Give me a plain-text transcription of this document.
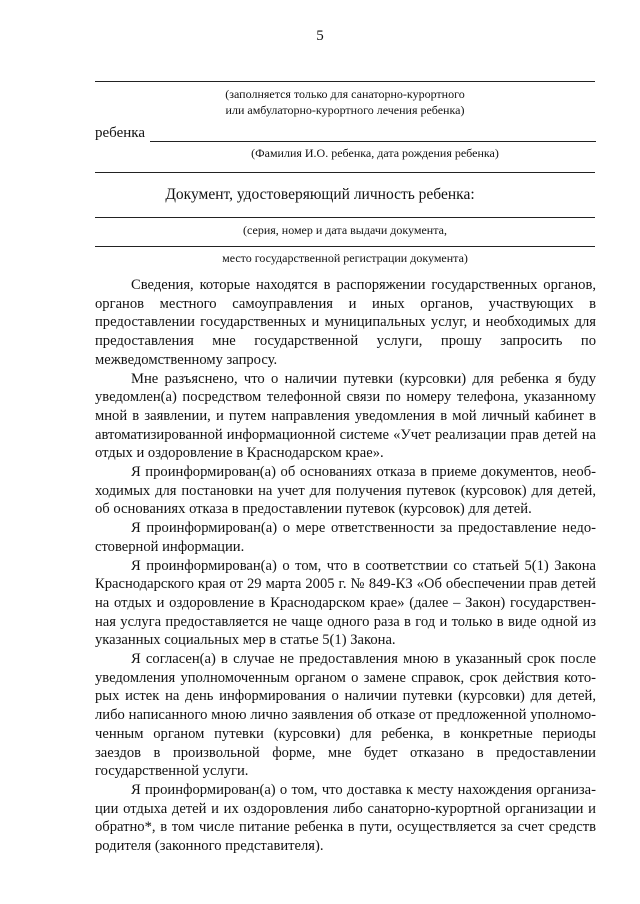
5
(заполняется только для санаторно-курортного
или амбулаторно-курортного лечения ребенка)
ребенка
(Фамилия И.О. ребенка, дата рождения ребенка)
Документ, удостоверяющий личность ребенка:
(серия, номер и дата выдачи документа,
место государственной регистрации документа)

Сведения, которые находятся в распоряжении государственных органов, органов местного самоуправления и иных органов, участвующих в предоставлении государственных и муниципальных услуг, и необходимых для предоставления мне государственной услуги, прошу запросить по межведомственному запросу.

Мне разъяснено, что о наличии путевки (курсовки) для ребенка я буду уведомлен(а) посредством телефонной связи по номеру телефона, указанному мной в заявлении, и путем направления уведомления в мой личный кабинет в автоматизированной информационной системе «Учет реализации прав детей на отдых и оздоровление в Краснодарском крае».

Я проинформирован(а) об основаниях отказа в приеме документов, необходимых для постановки на учет для получения путевок (курсовок) для детей, об основаниях отказа в предоставлении путевок (курсовок) для детей.

Я проинформирован(а) о мере ответственности за предоставление недостоверной информации.

Я проинформирован(а) о том, что в соответствии со статьей 5(1) Закона Краснодарского края от 29 марта 2005 г. № 849-КЗ «Об обеспечении прав детей на отдых и оздоровление в Краснодарском крае» (далее – Закон) государственная услуга предоставляется не чаще одного раза в год и только в виде одной из указанных социальных мер в статье 5(1) Закона.

Я согласен(а) в случае не предоставления мною в указанный срок после уведомления уполномоченным органом о замене справок, срок действия которых истек на день информирования о наличии путевки (курсовки) для детей, либо написанного мною лично заявления об отказе от предложенной уполномоченным органом путевки (курсовки) для ребенка, в конкретные периоды заездов в произвольной форме, мне будет отказано в предоставлении государственной услуги.

Я проинформирован(а) о том, что доставка к месту нахождения организации отдыха детей и их оздоровления либо санаторно-курортной организации и обратно*, в том числе питание ребенка в пути, осуществляется за счет средств родителя (законного представителя).
